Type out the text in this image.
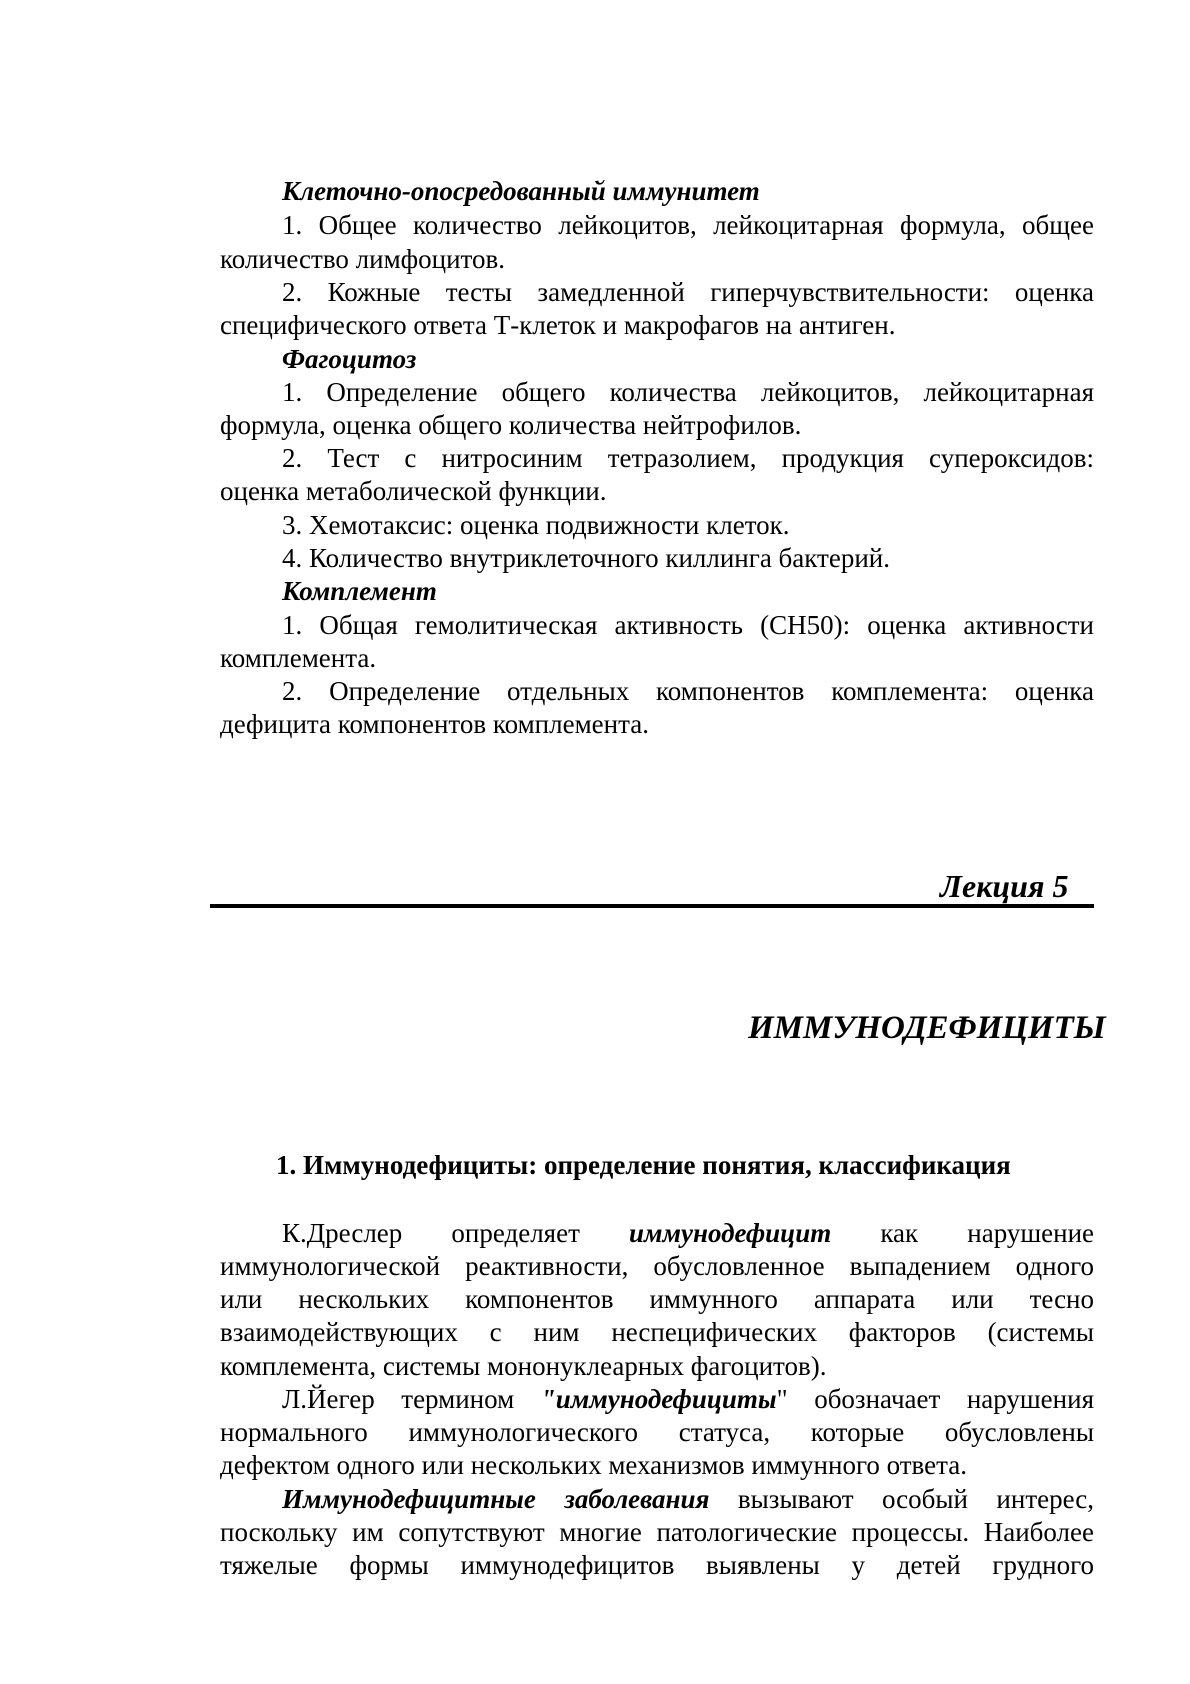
Клеточно-опосредованный иммунитет
1. Общее количество лейкоцитов, лейкоцитарная формула, общее
количество лимфоцитов.
2. Кожные тесты замедленной гиперчувствительности: оценка
специфического ответа Т-клеток и макрофагов на антиген.
Фагоцитоз
1. Определение общего количества лейкоцитов, лейкоцитарная
формула, оценка общего количества нейтрофилов.
2. Тест с нитросиним тетразолием, продукция супероксидов:
оценка метаболической функции.
3. Хемотаксис: оценка подвижности клеток.
4. Количество внутриклеточного киллинга бактерий.
Комплемент
1. Общая гемолитическая активность (СН50): оценка активности
комплемента.
2. Определение отдельных компонентов комплемента: оценка
дефицита компонентов комплемента.
Лекция 5
ИММУНОДЕФИЦИТЫ
1. Иммунодефициты: определение понятия, классификация
К.Дреслер определяет иммунодефицит как нарушение
иммунологической реактивности, обусловленное выпадением одного
или нескольких компонентов иммунного аппарата или тесно
взаимодействующих с ним неспецифических факторов (системы
комплемента, системы мононуклеарных фагоцитов).
Л.Йегер термином "иммунодефициты" обозначает нарушения
нормального иммунологического статуса, которые обусловлены
дефектом одного или нескольких механизмов иммунного ответа.
Иммунодефицитные заболевания вызывают особый интерес,
поскольку им сопутствуют многие патологические процессы. Наиболее
тяжелые формы иммунодефицитов выявлены у детей грудного
